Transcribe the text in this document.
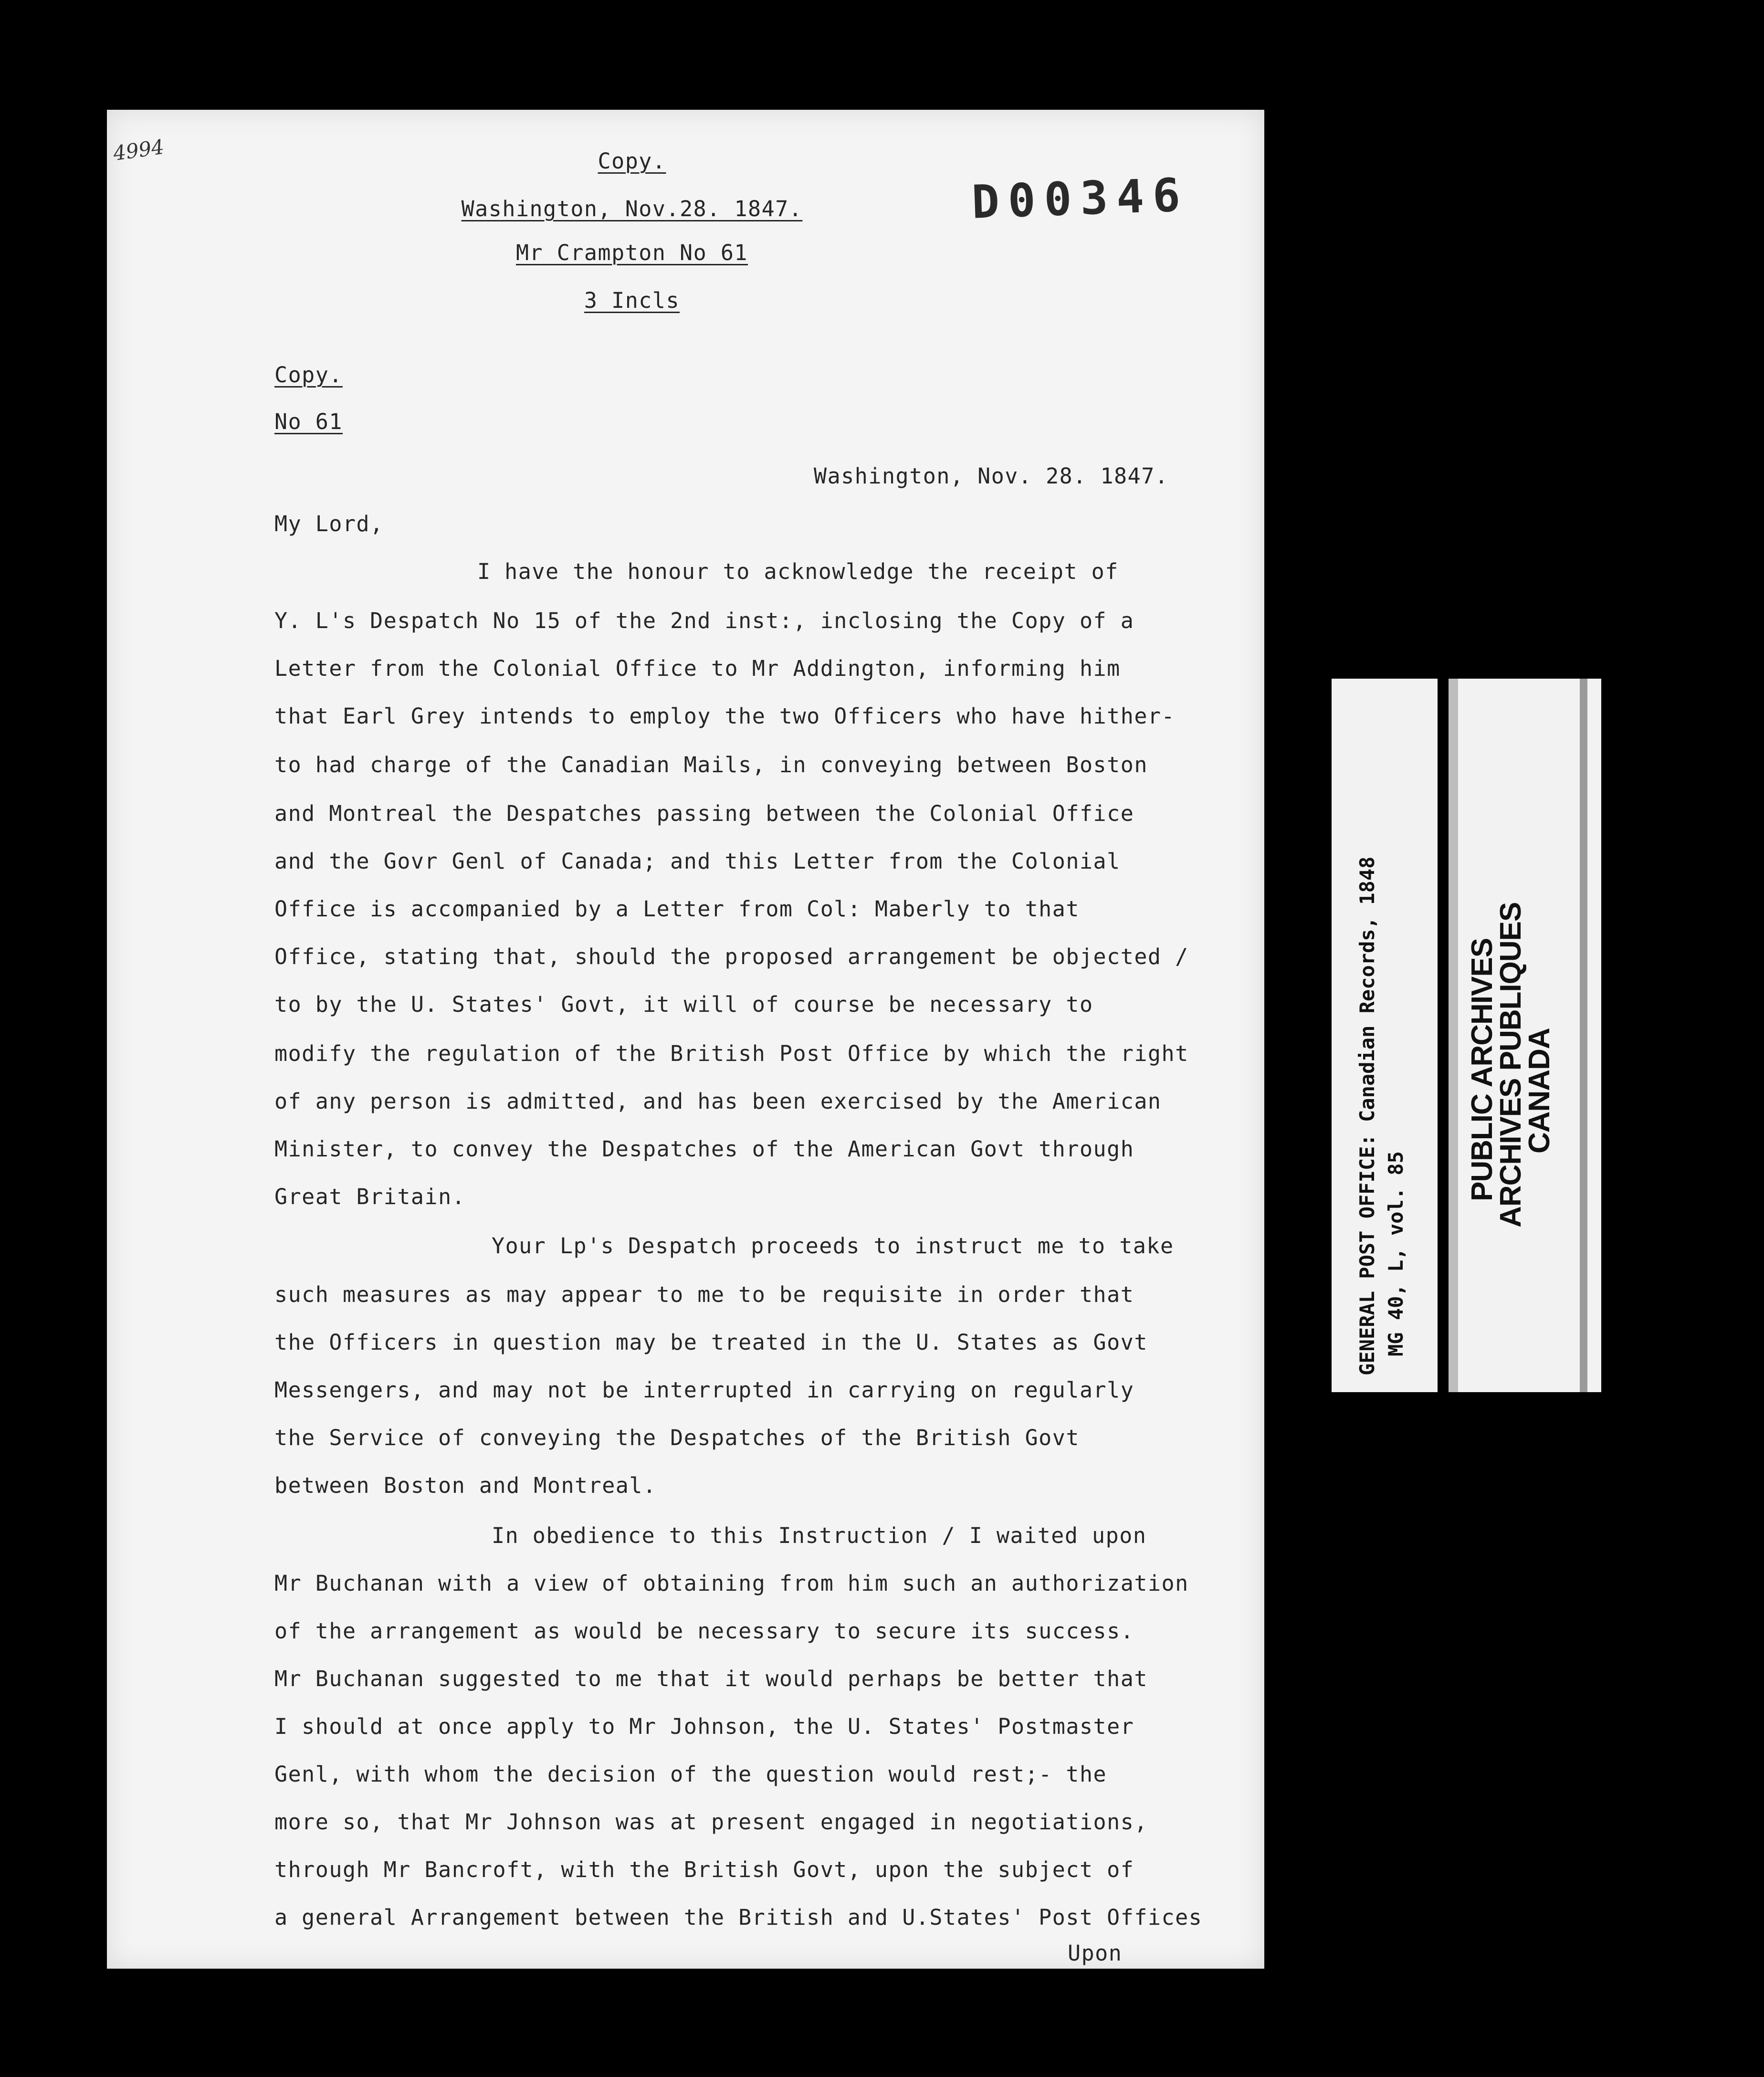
4994
D00346
Copy.
Washington, Nov.28. 1847.
Mr Crampton No 61
3 Incls
Copy.
No 61
Washington, Nov. 28. 1847.
My Lord,
I have the honour to acknowledge the receipt of
Y. L's Despatch No 15 of the 2nd inst:, inclosing the Copy of a
Letter from the Colonial Office to Mr Addington, informing him
that Earl Grey intends to employ the two Officers who have hither-
to had charge of the Canadian Mails, in conveying between Boston
and Montreal the Despatches passing between the Colonial Office
and the Govr Genl of Canada; and this Letter from the Colonial
Office is accompanied by a Letter from Col: Maberly to that
Office, stating that, should the proposed arrangement be objected /
to by the U. States' Govt, it will of course be necessary to
modify the regulation of the British Post Office by which the right
of any person is admitted, and has been exercised by the American
Minister, to convey the Despatches of the American Govt through
Great Britain.
Your Lp's Despatch proceeds to instruct me to take
such measures as may appear to me to be requisite in order that
the Officers in question may be treated in the U. States as Govt
Messengers, and may not be interrupted in carrying on regularly
the Service of conveying the Despatches of the British Govt
between Boston and Montreal.
In obedience to this Instruction / I waited upon
Mr Buchanan with a view of obtaining from him such an authorization
of the arrangement as would be necessary to secure its success.
Mr Buchanan suggested to me that it would perhaps be better that
I should at once apply to Mr Johnson, the U. States' Postmaster
Genl, with whom the decision of the question would rest;- the
more so, that Mr Johnson was at present engaged in negotiations,
through Mr Bancroft, with the British Govt, upon the subject of
a general Arrangement between the British and U.States' Post Offices
Upon
GENERAL POST OFFICE: Canadian Records, 1848 MG 40, L, vol. 85
PUBLIC ARCHIVES
ARCHIVES PUBLIQUES
CANADA
